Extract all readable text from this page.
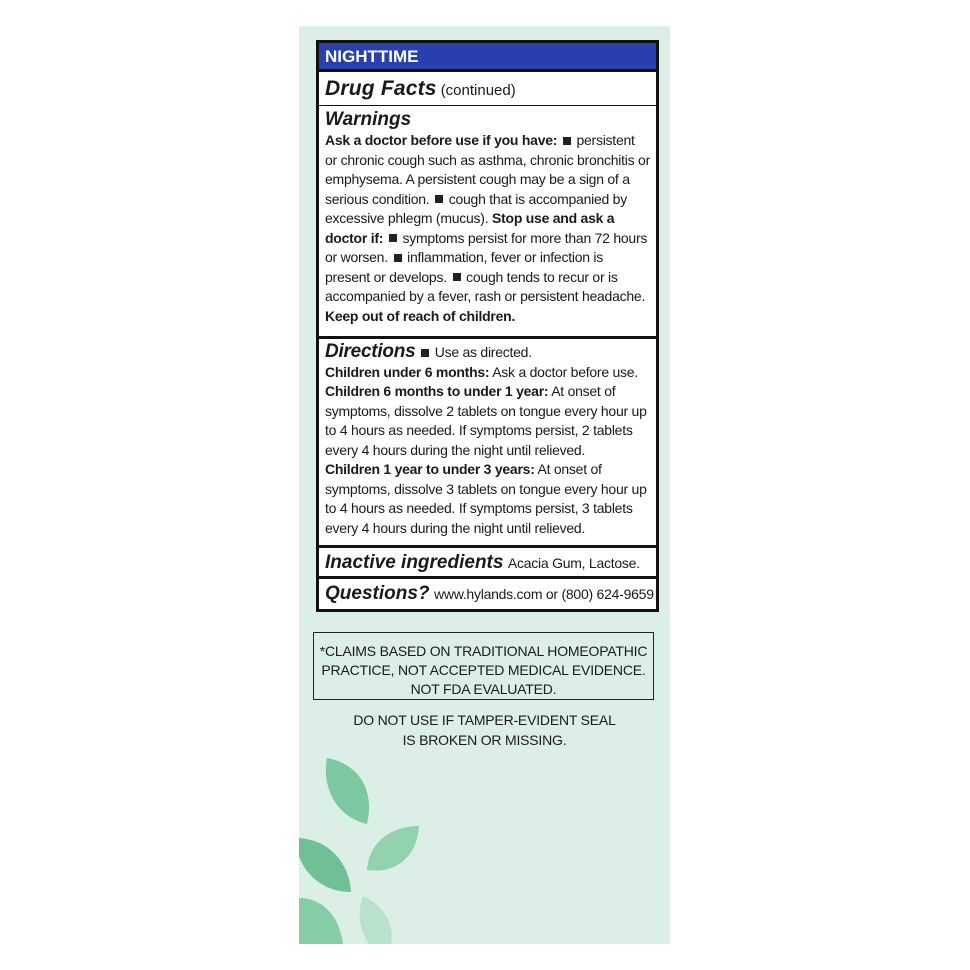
NIGHTTIME
Drug Facts (continued)
Warnings
Ask a doctor before use if you have: persistent or chronic cough such as asthma, chronic bronchitis or emphysema. A persistent cough may be a sign of a serious condition. cough that is accompanied by excessive phlegm (mucus). Stop use and ask a doctor if: symptoms persist for more than 72 hours or worsen. inflammation, fever or infection is present or develops. cough tends to recur or is accompanied by a fever, rash or persistent headache. Keep out of reach of children.
Directions Use as directed.
Children under 6 months: Ask a doctor before use.
Children 6 months to under 1 year: At onset of symptoms, dissolve 2 tablets on tongue every hour up to 4 hours as needed. If symptoms persist, 2 tablets every 4 hours during the night until relieved.
Children 1 year to under 3 years: At onset of symptoms, dissolve 3 tablets on tongue every hour up to 4 hours as needed. If symptoms persist, 3 tablets every 4 hours during the night until relieved.
Inactive ingredients Acacia Gum, Lactose.
Questions? www.hylands.com or (800) 624-9659
*CLAIMS BASED ON TRADITIONAL HOMEOPATHIC
PRACTICE, NOT ACCEPTED MEDICAL EVIDENCE.
NOT FDA EVALUATED.
DO NOT USE IF TAMPER-EVIDENT SEAL
IS BROKEN OR MISSING.
